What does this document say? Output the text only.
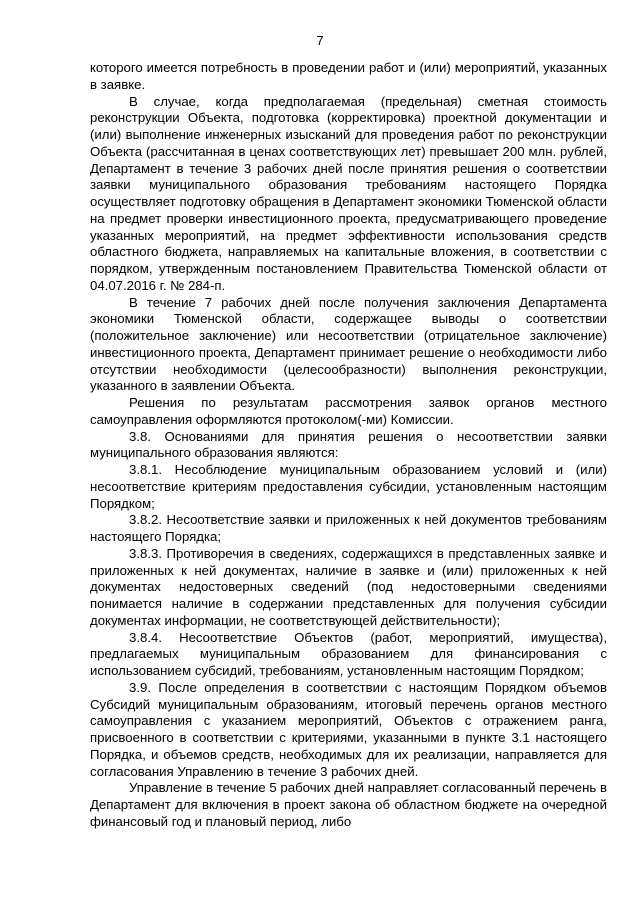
7

которого имеется потребность в проведении работ и (или) мероприятий, указанных в заявке.

В случае, когда предполагаемая (предельная) сметная стоимость реконструкции Объекта, подготовка (корректировка) проектной документации и (или) выполнение инженерных изысканий для проведения работ по реконструкции Объекта (рассчитанная в ценах соответствующих лет) превышает 200 млн. рублей, Департамент в течение 3 рабочих дней после принятия решения о соответствии заявки муниципального образования требованиям настоящего Порядка осуществляет подготовку обращения в Департамент экономики Тюменской области на предмет проверки инвестиционного проекта, предусматривающего проведение указанных мероприятий, на предмет эффективности использования средств областного бюджета, направляемых на капитальные вложения, в соответствии с порядком, утвержденным постановлением Правительства Тюменской области от 04.07.2016 г. № 284-п.

В течение 7 рабочих дней после получения заключения Департамента экономики Тюменской области, содержащее выводы о соответствии (положительное заключение) или несоответствии (отрицательное заключение) инвестиционного проекта, Департамент принимает решение о необходимости либо отсутствии необходимости (целесообразности) выполнения реконструкции, указанного в заявлении Объекта.

Решения по результатам рассмотрения заявок органов местного самоуправления оформляются протоколом(-ми) Комиссии.

3.8. Основаниями для принятия решения о несоответствии заявки муниципального образования являются:

3.8.1. Несоблюдение муниципальным образованием условий и (или) несоответствие критериям предоставления субсидии, установленным настоящим Порядком;

3.8.2. Несоответствие заявки и приложенных к ней документов требованиям настоящего Порядка;

3.8.3. Противоречия в сведениях, содержащихся в представленных заявке и приложенных к ней документах, наличие в заявке и (или) приложенных к ней документах недостоверных сведений (под недостоверными сведениями понимается наличие в содержании представленных для получения субсидии документах информации, не соответствующей действительности);

3.8.4. Несоответствие Объектов (работ, мероприятий, имущества), предлагаемых муниципальным образованием для финансирования с использованием субсидий, требованиям, установленным настоящим Порядком;

3.9. После определения в соответствии с настоящим Порядком объемов Субсидий муниципальным образованиям, итоговый перечень органов местного самоуправления с указанием мероприятий, Объектов с отражением ранга, присвоенного в соответствии с критериями, указанными в пункте 3.1 настоящего Порядка, и объемов средств, необходимых для их реализации, направляется для согласования Управлению в течение 3 рабочих дней.

Управление в течение 5 рабочих дней направляет согласованный перечень в Департамент для включения в проект закона об областном бюджете на очередной финансовый год и плановый период, либо
